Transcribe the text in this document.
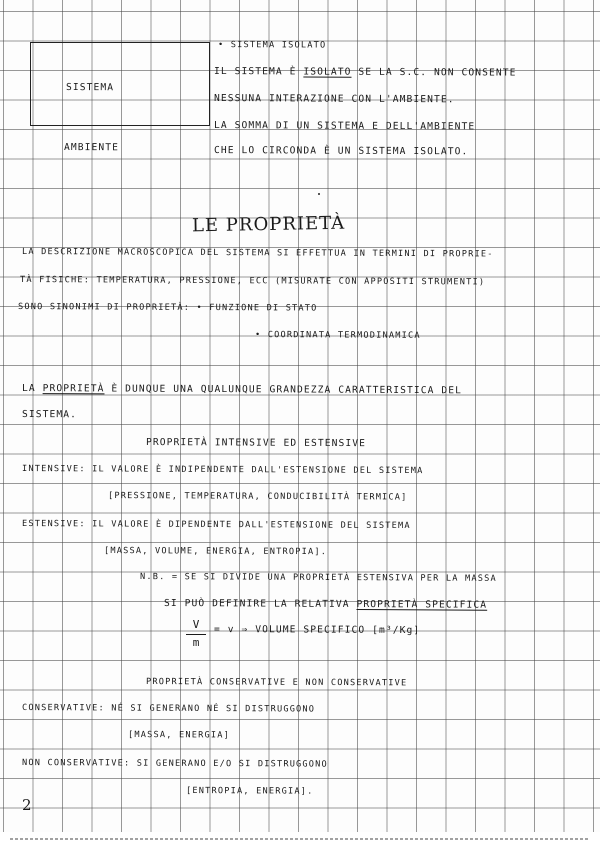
SISTEMA
AMBIENTE
• SISTEMA ISOLATO
IL SISTEMA È ISOLATO SE LA S.C. NON CONSENTE
NESSUNA INTERAZIONE CON L'AMBIENTE.
LA SOMMA DI UN SISTEMA E DELL'AMBIENTE
CHE LO CIRCONDA È UN SISTEMA ISOLATO.
LE PROPRIETÀ
LA DESCRIZIONE MACROSCOPICA DEL SISTEMA SI EFFETTUA IN TERMINI DI PROPRIE-
TÀ FISICHE: TEMPERATURA, PRESSIONE, ECC (MISURATE CON APPOSITI STRUMENTI)
SONO SINONIMI DI PROPRIETÀ: • FUNZIONE DI STATO
• COORDINATA TERMODINAMICA
LA PROPRIETÀ È DUNQUE UNA QUALUNQUE GRANDEZZA CARATTERISTICA DEL
SISTEMA.
PROPRIETÀ INTENSIVE ED ESTENSIVE
INTENSIVE: IL VALORE È INDIPENDENTE DALL'ESTENSIONE DEL SISTEMA
[PRESSIONE, TEMPERATURA, CONDUCIBILITÀ TERMICA]
ESTENSIVE: IL VALORE È DIPENDENTE DALL'ESTENSIONE DEL SISTEMA
[MASSA, VOLUME, ENERGIA, ENTROPIA].
N.B. = SE SI DIVIDE UNA PROPRIETÀ ESTENSIVA PER LA MASSA
SI PUÒ DEFINIRE LA RELATIVA PROPRIETÀ SPECIFICA
V
m
= v ⇒ VOLUME SPECIFICO [m³/Kg]
PROPRIETÀ CONSERVATIVE E NON CONSERVATIVE
CONSERVATIVE: NÉ SI GENERANO NÉ SI DISTRUGGONO
[MASSA, ENERGIA]
NON CONSERVATIVE: SI GENERANO E/O SI DISTRUGGONO
[ENTROPIA, ENERGIA].
2
